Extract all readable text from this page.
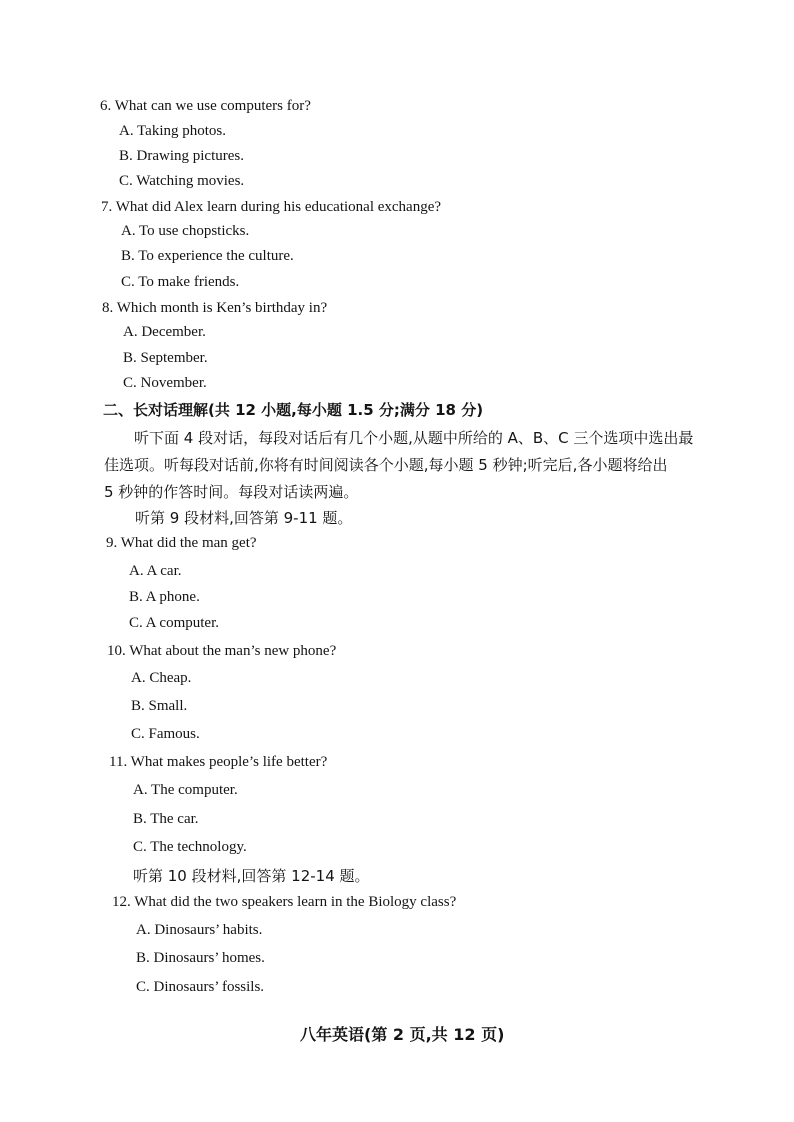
6. What can we use computers for?
A. Taking photos.
B. Drawing pictures.
C. Watching movies.
7. What did Alex learn during his educational exchange?
A. To use chopsticks.
B. To experience the culture.
C. To make friends.
8. Which month is Ken’s birthday in?
A. December.
B. September.
C. November.
二、长对话理解(共 12 小题,每小题 1.5 分;满分 18 分)
听下面 4 段对话，每段对话后有几个小题,从题中所给的 A、B、C 三个选项中选出最
佳选项。听每段对话前,你将有时间阅读各个小题,每小题 5 秒钟;听完后,各小题将给出
5 秒钟的作答时间。每段对话读两遍。
听第 9 段材料,回答第 9-11 题。
9. What did the man get?
A. A car.
B. A phone.
C. A computer.
10. What about the man’s new phone?
A. Cheap.
B. Small.
C. Famous.
11. What makes people’s life better?
A. The computer.
B. The car.
C. The technology.
听第 10 段材料,回答第 12-14 题。
12. What did the two speakers learn in the Biology class?
A. Dinosaurs’ habits.
B. Dinosaurs’ homes.
C. Dinosaurs’ fossils.
八年英语(第 2 页,共 12 页)
